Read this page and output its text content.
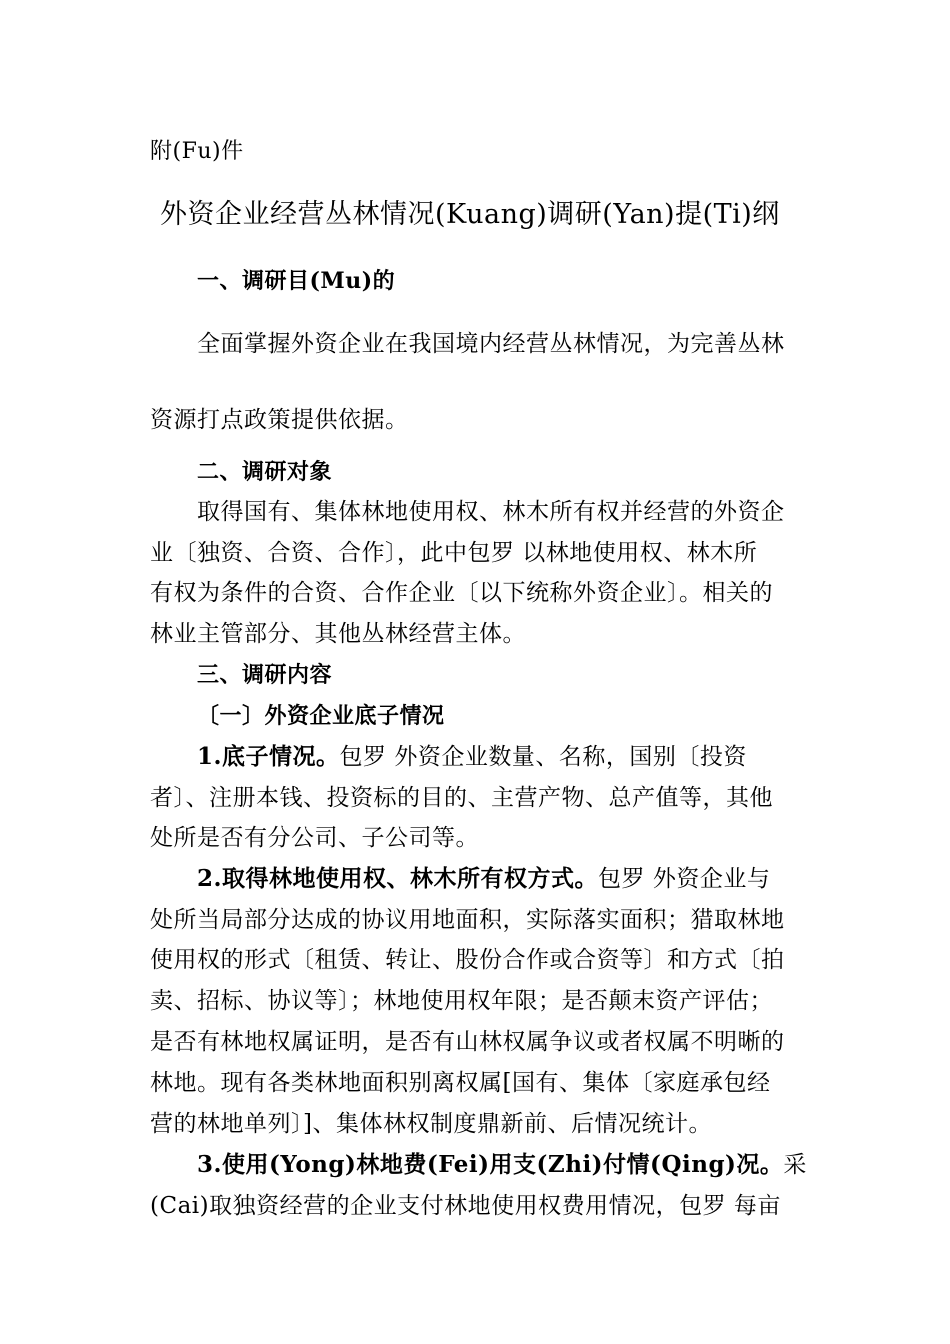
附(Fu)件
外资企业经营丛林情况(Kuang)调研(Yan)提(Ti)纲
一、调研目(Mu)的
全面掌握外资企业在我国境内经营丛林情况，为完善丛林
资源打点政策提供依据。
二、调研对象
取得国有、集体林地使用权、林木所有权并经营的外资企
业〔独资、合资、合作〕，此中包罗 以林地使用权、林木所
有权为条件的合资、合作企业〔以下统称外资企业〕。相关的
林业主管部分、其他丛林经营主体。
三、调研内容
〔一〕外资企业底子情况
1.底子情况。包罗 外资企业数量、名称，国别〔投资
者〕、注册本钱、投资标的目的、主营产物、总产值等，其他
处所是否有分公司、子公司等。
2.取得林地使用权、林木所有权方式。包罗 外资企业与
处所当局部分达成的协议用地面积，实际落实面积；猎取林地
使用权的形式〔租赁、转让、股份合作或合资等〕和方式〔拍
卖、招标、协议等〕；林地使用权年限；是否颠末资产评估；
是否有林地权属证明，是否有山林权属争议或者权属不明晰的
林地。现有各类林地面积别离权属[国有、集体〔家庭承包经
营的林地单列〕]、集体林权制度鼎新前、后情况统计。
3.使用(Yong)林地费(Fei)用支(Zhi)付情(Qing)况。采
(Cai)取独资经营的企业支付林地使用权费用情况，包罗 每亩
